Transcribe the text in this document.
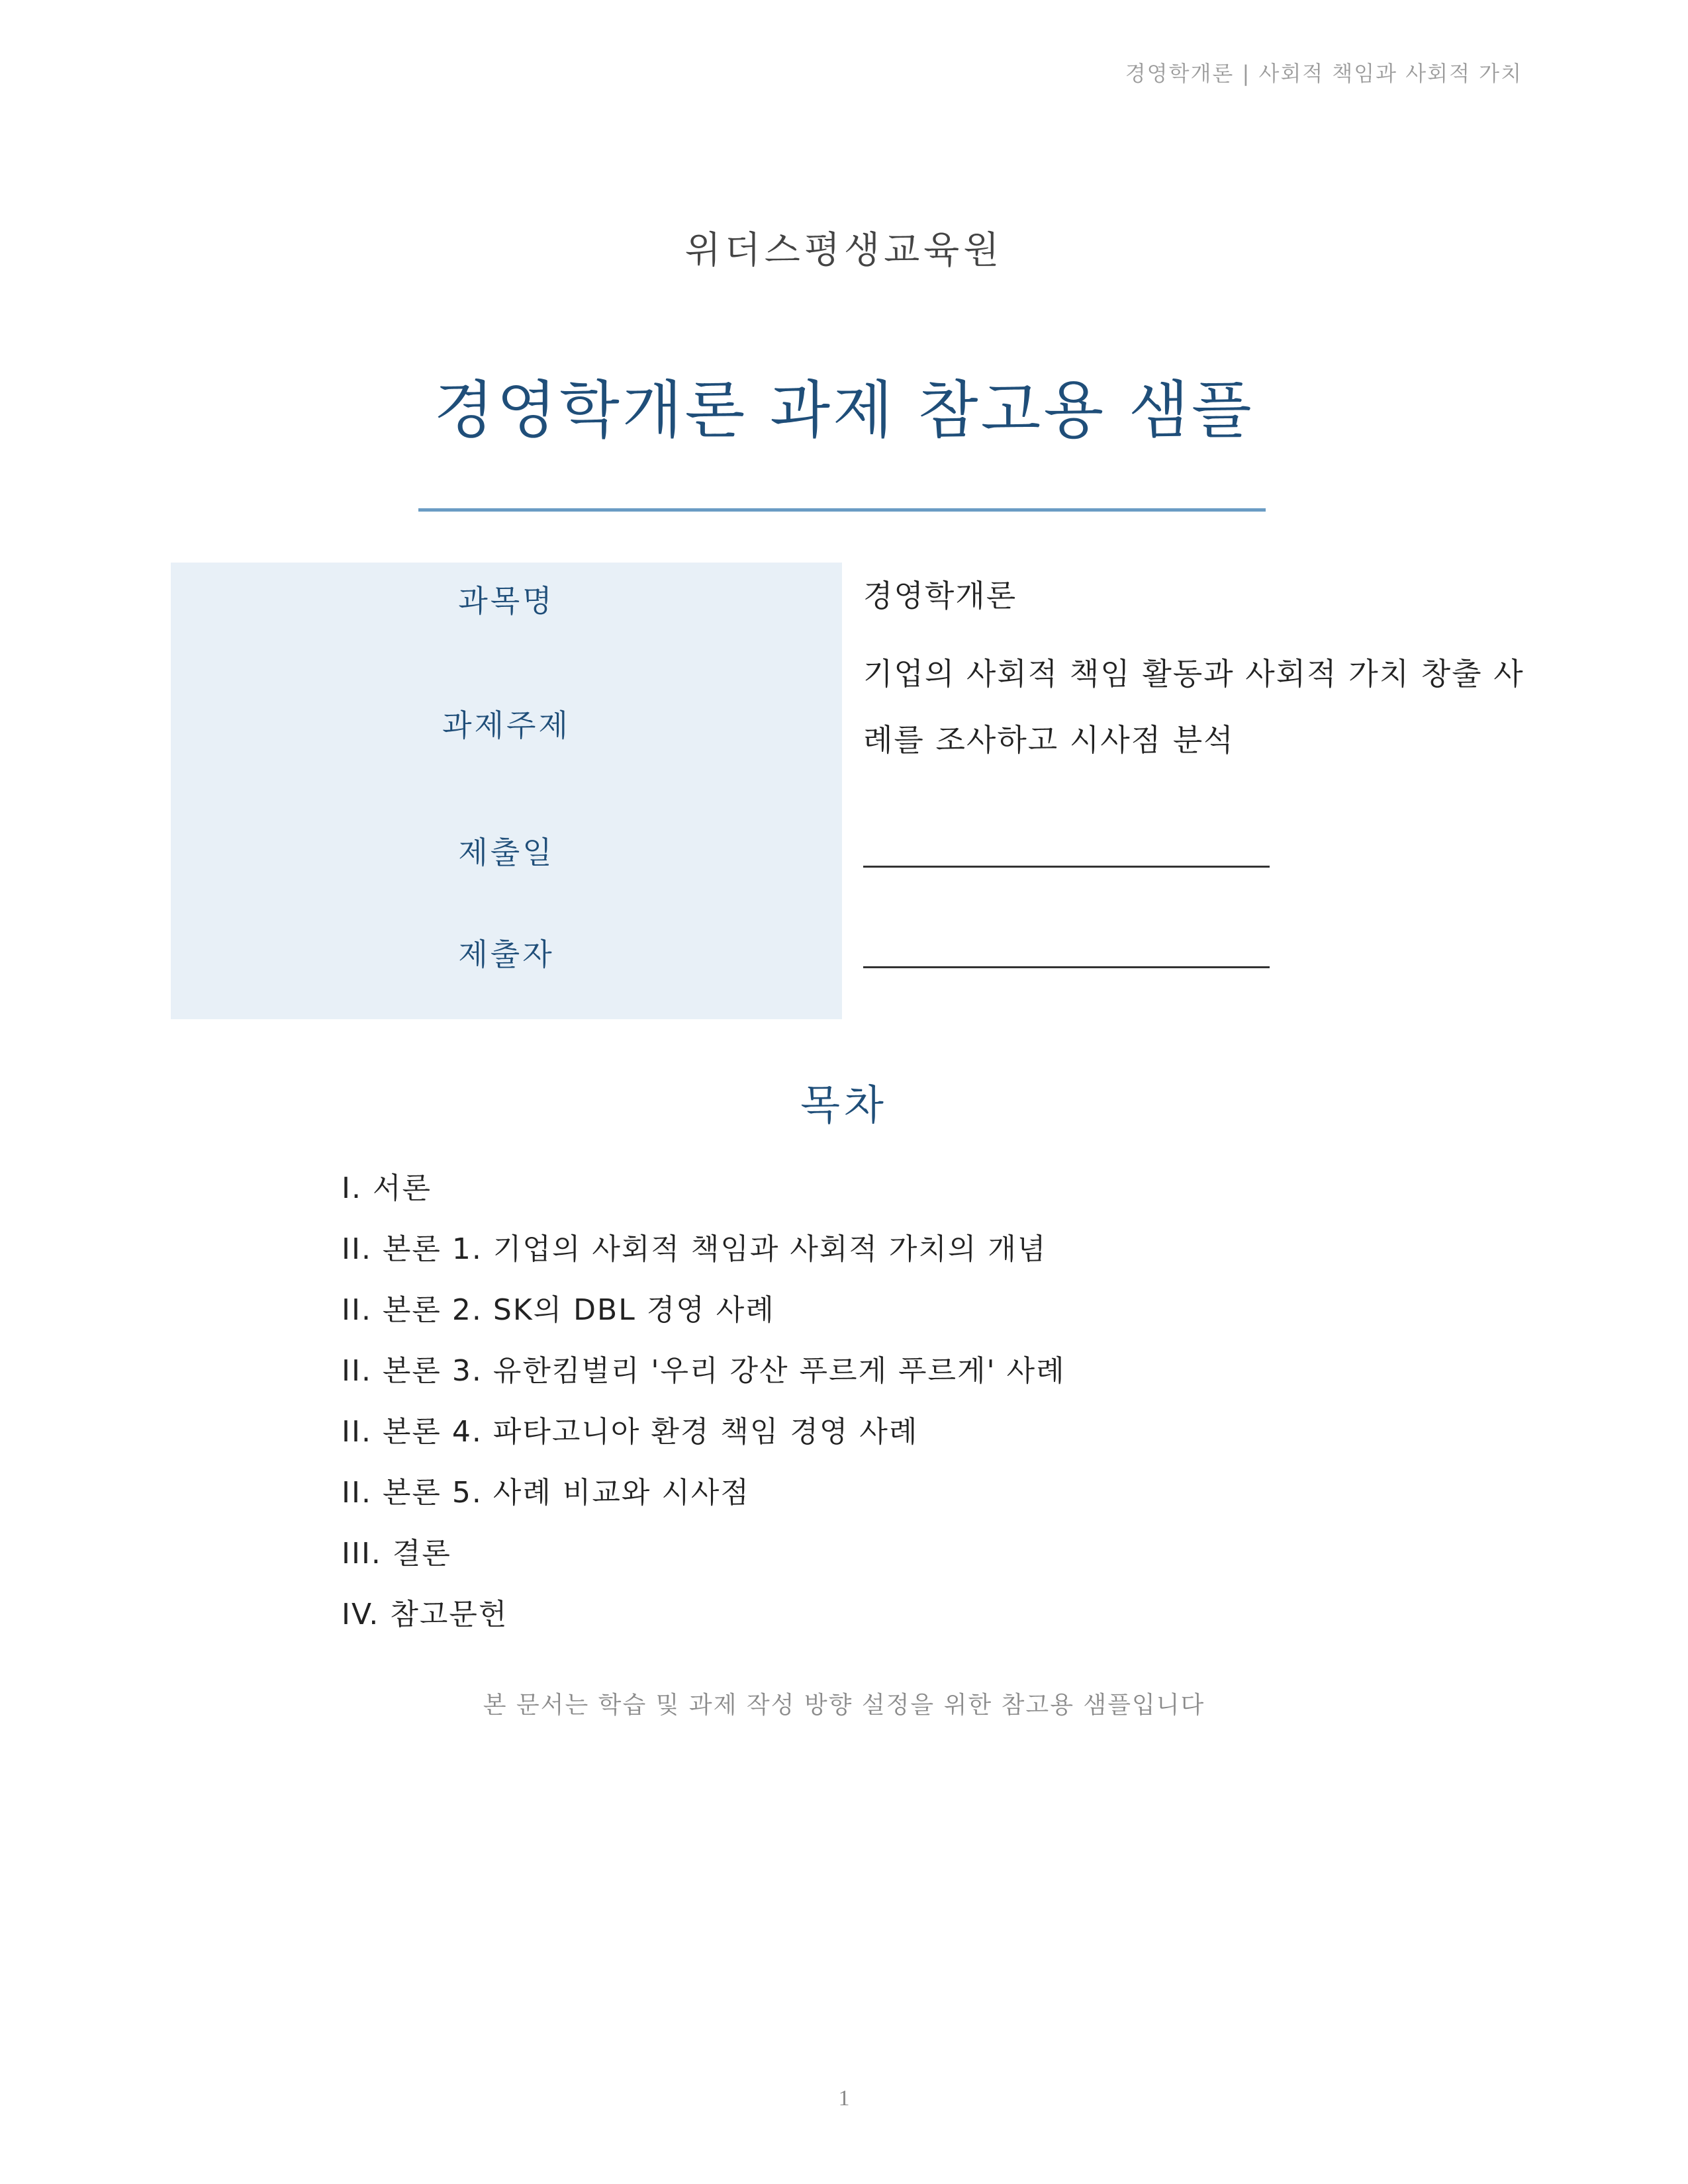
경영학개론 | 사회적 책임과 사회적 가치
위더스평생교육원
경영학개론 과제 참고용 샘플
과목명	경영학개론
과제주제
기업의 사회적 책임 활동과 사회적 가치 창출 사례를 조사하고 시사점 분석
제출일
제출자
목차
I. 서론
II. 본론 1. 기업의 사회적 책임과 사회적 가치의 개념
II. 본론 2. SK의 DBL 경영 사례
II. 본론 3. 유한킴벌리 '우리 강산 푸르게 푸르게' 사례
II. 본론 4. 파타고니아 환경 책임 경영 사례
II. 본론 5. 사례 비교와 시사점
III. 결론
IV. 참고문헌
본 문서는 학습 및 과제 작성 방향 설정을 위한 참고용 샘플입니다
1
